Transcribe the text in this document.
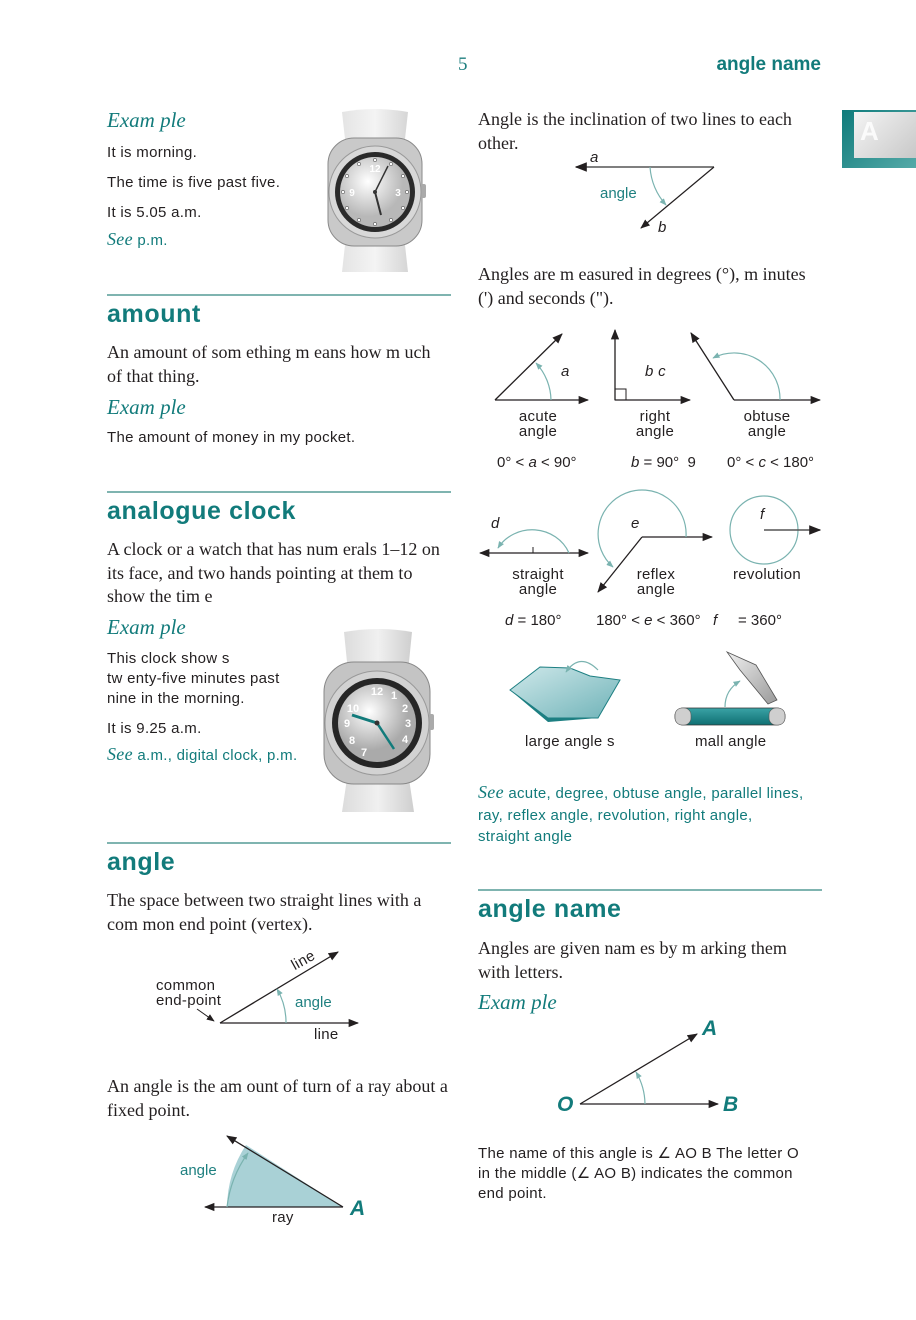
5	angle name
A
Exam ple
It is morning.
The time is five past five.
It is 5.05 a.m.
See p.m.
12
3
9
amount
An amount of som ething m eans how m uch of that thing.
Exam ple
The amount of money in my pocket.
analogue clock
A clock or a watch that has num erals 1–12 on its face, and two hands pointing at them to show the tim e
Exam ple
This clock show s
tw enty-five minutes past
nine in the morning.
It is 9.25 a.m.
See a.m., digital clock, p.m.
12 1
2
3
4
7
8
9
10
angle
The space between two straight lines with a com mon end point (vertex).
line
line
common
end-point	angle
An angle is the am ount of turn of a ray about a fixed point.
angle
ray	A
Angle is the inclination of two lines to each other.
a
b
angle
Angles are m easured in degrees (°), m inutes (') and seconds (").
a	b c
acute
angle
right
angle
obtuse
angle
0° < a < 90°	b = 90°  9 0° < c < 180°
d	e
f
straight
angle
reflex
angle
revolution
d = 180° 180° < e < 360° f     = 360°
large angle s	mall angle
See acute, degree, obtuse angle, parallel lines,
ray, reflex angle, revolution, right angle,
straight angle
angle name
Angles are given nam es by m arking them with letters.
Exam ple
A
O	B
The name of this angle is ∠ AO B The letter O
in the middle (∠ AO B) indicates the common
end point.
